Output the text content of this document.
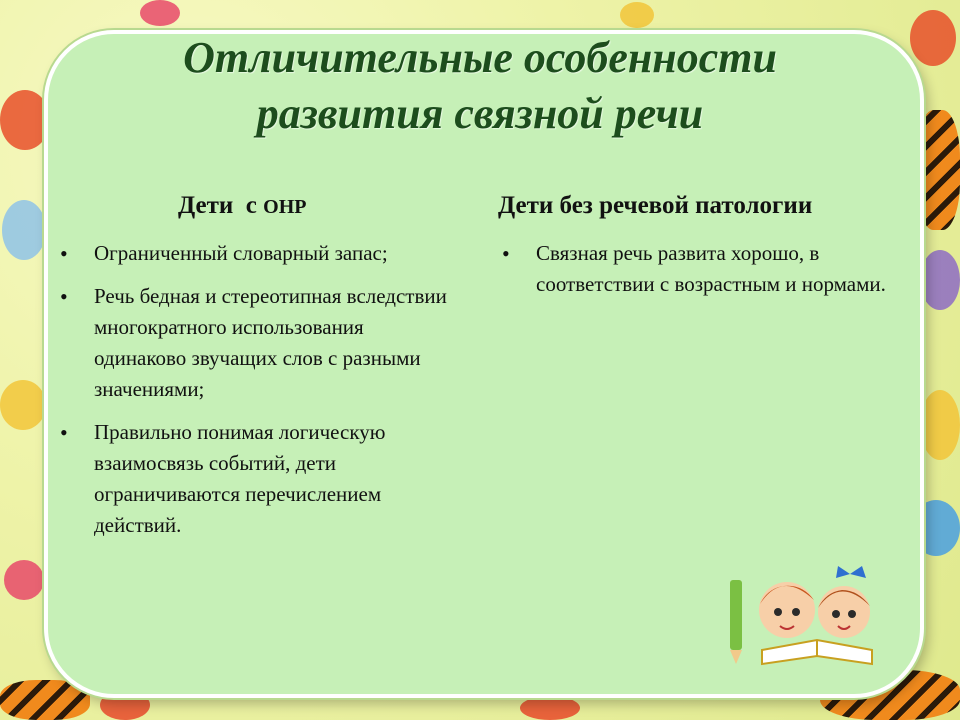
Отличительные особенности
развития связной речи
Дети  с ОНР	Дети без речевой патологии
• Ограниченный словарный запас;
• Речь бедная и стереотипная вследствии многократного использования одинаково звучащих слов с разными значениями;
• Правильно понимая логическую взаимосвязь событий, дети ограничиваются перечислением действий.
• Связная речь развита хорошо, в соответствии с возрастным и нормами.
